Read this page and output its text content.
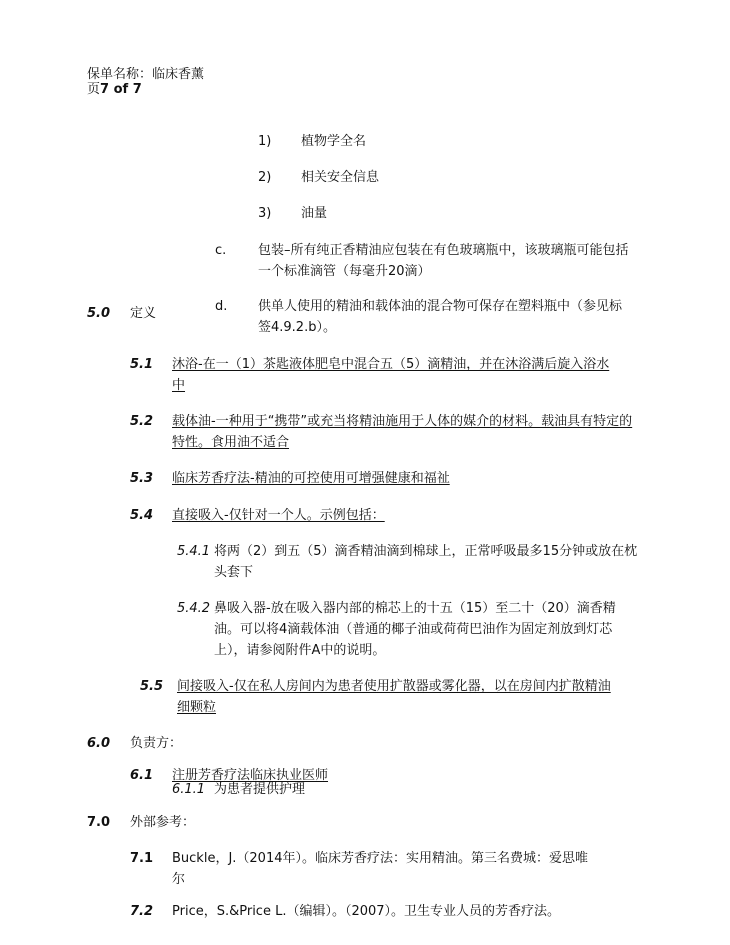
保单名称：临床香薰
页7 of 7
1) 植物学全名
2) 相关安全信息
3) 油量
c. 包装–所有纯正香精油应包装在有色玻璃瓶中，该玻璃瓶可能包括
一个标准滴管（每毫升20滴）
5.0 定义	d. 供单人使用的精油和载体油的混合物可保存在塑料瓶中（参见标
签4.9.2.b）。
5.1 沐浴-在一（1）茶匙液体肥皂中混合五（5）滴精油，并在沐浴满后旋入浴水
中
5.2 载体油-一种用于“携带”或充当将精油施用于人体的媒介的材料。载油具有特定的
特性。食用油不适合
5.3 临床芳香疗法-精油的可控使用可增强健康和福祉
5.4 直接吸入-仅针对一个人。示例包括：
5.4.1 将两（2）到五（5）滴香精油滴到棉球上，正常呼吸最多15分钟或放在枕
头套下
5.4.2 鼻吸入器-放在吸入器内部的棉芯上的十五（15）至二十（20）滴香精
油。可以将4滴载体油（普通的椰子油或荷荷巴油作为固定剂放到灯芯
上），请参阅附件A中的说明。
5.5 间接吸入-仅在私人房间内为患者使用扩散器或雾化器，以在房间内扩散精油
细颗粒
6.0 负责方：
6.1 注册芳香疗法临床执业医师
6.1.1 为患者提供护理
7.0 外部参考：
7.1 Buckle，J.（2014年）。临床芳香疗法：实用精油。第三名费城：爱思唯
尔
7.2 Price，S.&Price L.（编辑）。（2007）。卫生专业人员的芳香疗法。
